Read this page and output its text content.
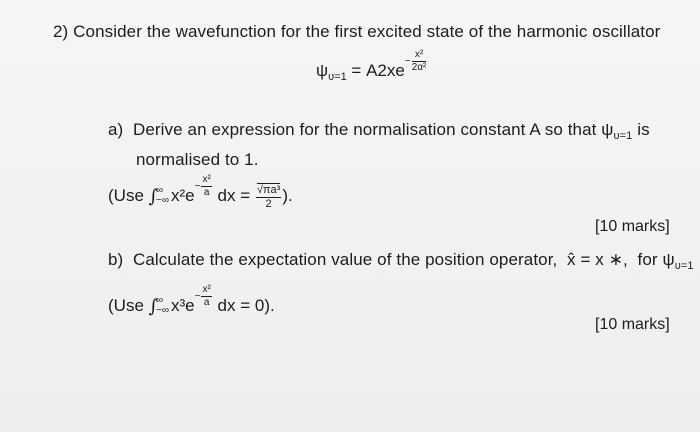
2) Consider the wavefunction for the first excited state of the harmonic oscillator
$\psi_{\upsilon=1} = A2xe- \frac{\text{x²}}{\text{2α²}}$
a) Derive an expression for the normalisation constant A so that $\psi_{\upsilon=1}$ is
normalised to 1.
(Use ∫
∞
−∞ $x^2e- \frac{\text{x²}}{a}$ dx = $\frac{\text{√πa³}}{2}$ ).
[10 marks]
b) Calculate the expectation value of the position operator, x̂ = x ∗, for $\psi_{\upsilon=1}$
(Use ∫
∞
−∞ $x^3e- \frac{\text{x²}}{a}$ dx = 0).
[10 marks]
